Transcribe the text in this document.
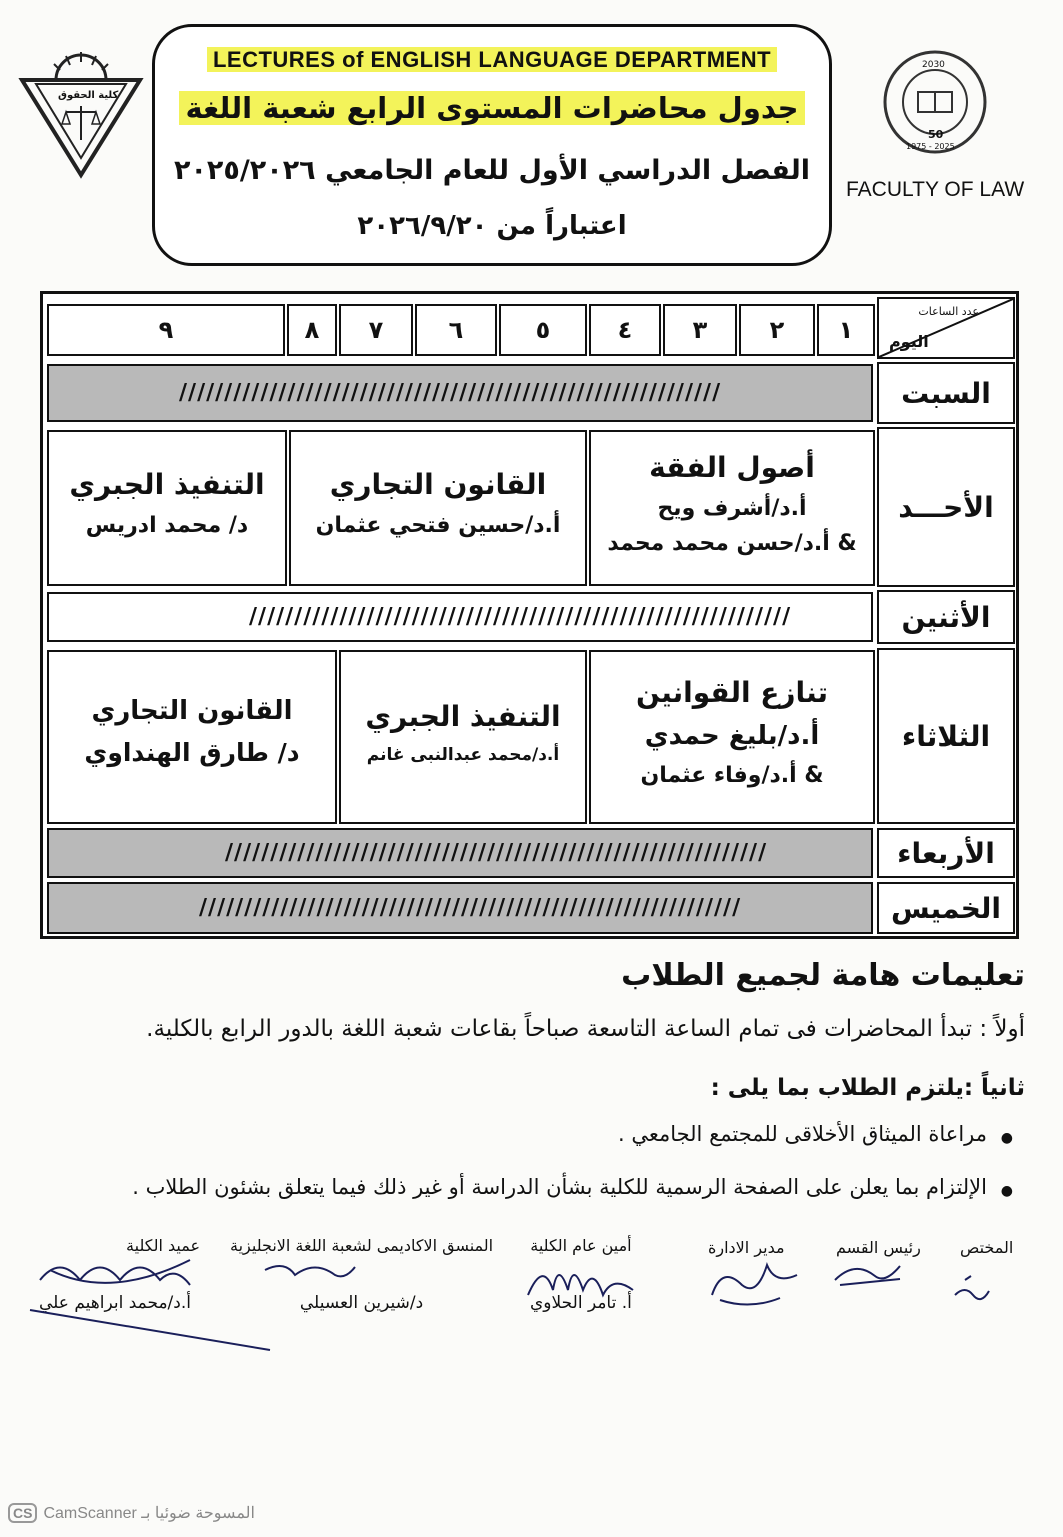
كلية الحقوق
LECTURES of ENGLISH LANGUAGE DEPARTMENT
جدول محاضرات المستوى الرابع شعبة اللغة
الفصل الدراسي الأول للعام الجامعي ٢٠٢٥/٢٠٢٦
اعتباراً من ٢٠٢٦/٩/٢٠
2030
1975 - 2025
50
FACULTY OF LAW
عدد الساعات
اليوم
١
٢
٣
٤
٥
٦
٧
٨
٩
السبت
////////////////////////////////////////////////////////////
الأحـــد
أصول الفقة
أ.د/أشرف ويح
& أ.د/حسن محمد محمد
القانون التجاري
أ.د/حسين فتحي عثمان
التنفيذ الجبري
د/ محمد ادريس
الأثنين
////////////////////////////////////////////////////////////
الثلاثاء
تنازع القوانين
أ.د/بليغ حمدي
& أ.د/وفاء عثمان
التنفيذ الجبري
أ.د/محمد عبدالنبى غانم
القانون التجاري
د/ طارق الهنداوي
الأربعاء
////////////////////////////////////////////////////////////
الخميس
////////////////////////////////////////////////////////////
تعليمات هامة لجميع الطلاب
أولاً : تبدأ المحاضرات فى تمام الساعة التاسعة صباحاً بقاعات شعبة اللغة بالدور الرابع بالكلية.
ثانياً :يلتزم الطلاب بما يلى :
●
مراعاة الميثاق الأخلاقى للمجتمع الجامعي .
●
الإلتزام بما يعلن على الصفحة الرسمية للكلية بشأن الدراسة أو غير ذلك فيما يتعلق بشئون الطلاب .
المختص
رئيس القسم
مدير الادارة
أمين عام الكلية
أ. تامر الحلاوي
المنسق الاكاديمى لشعبة اللغة الانجليزية
د/شيرين العسيلي
عميد الكلية
أ.د/محمد ابراهيم علي
CS CamScanner المسوحة ضوئيا بـ
